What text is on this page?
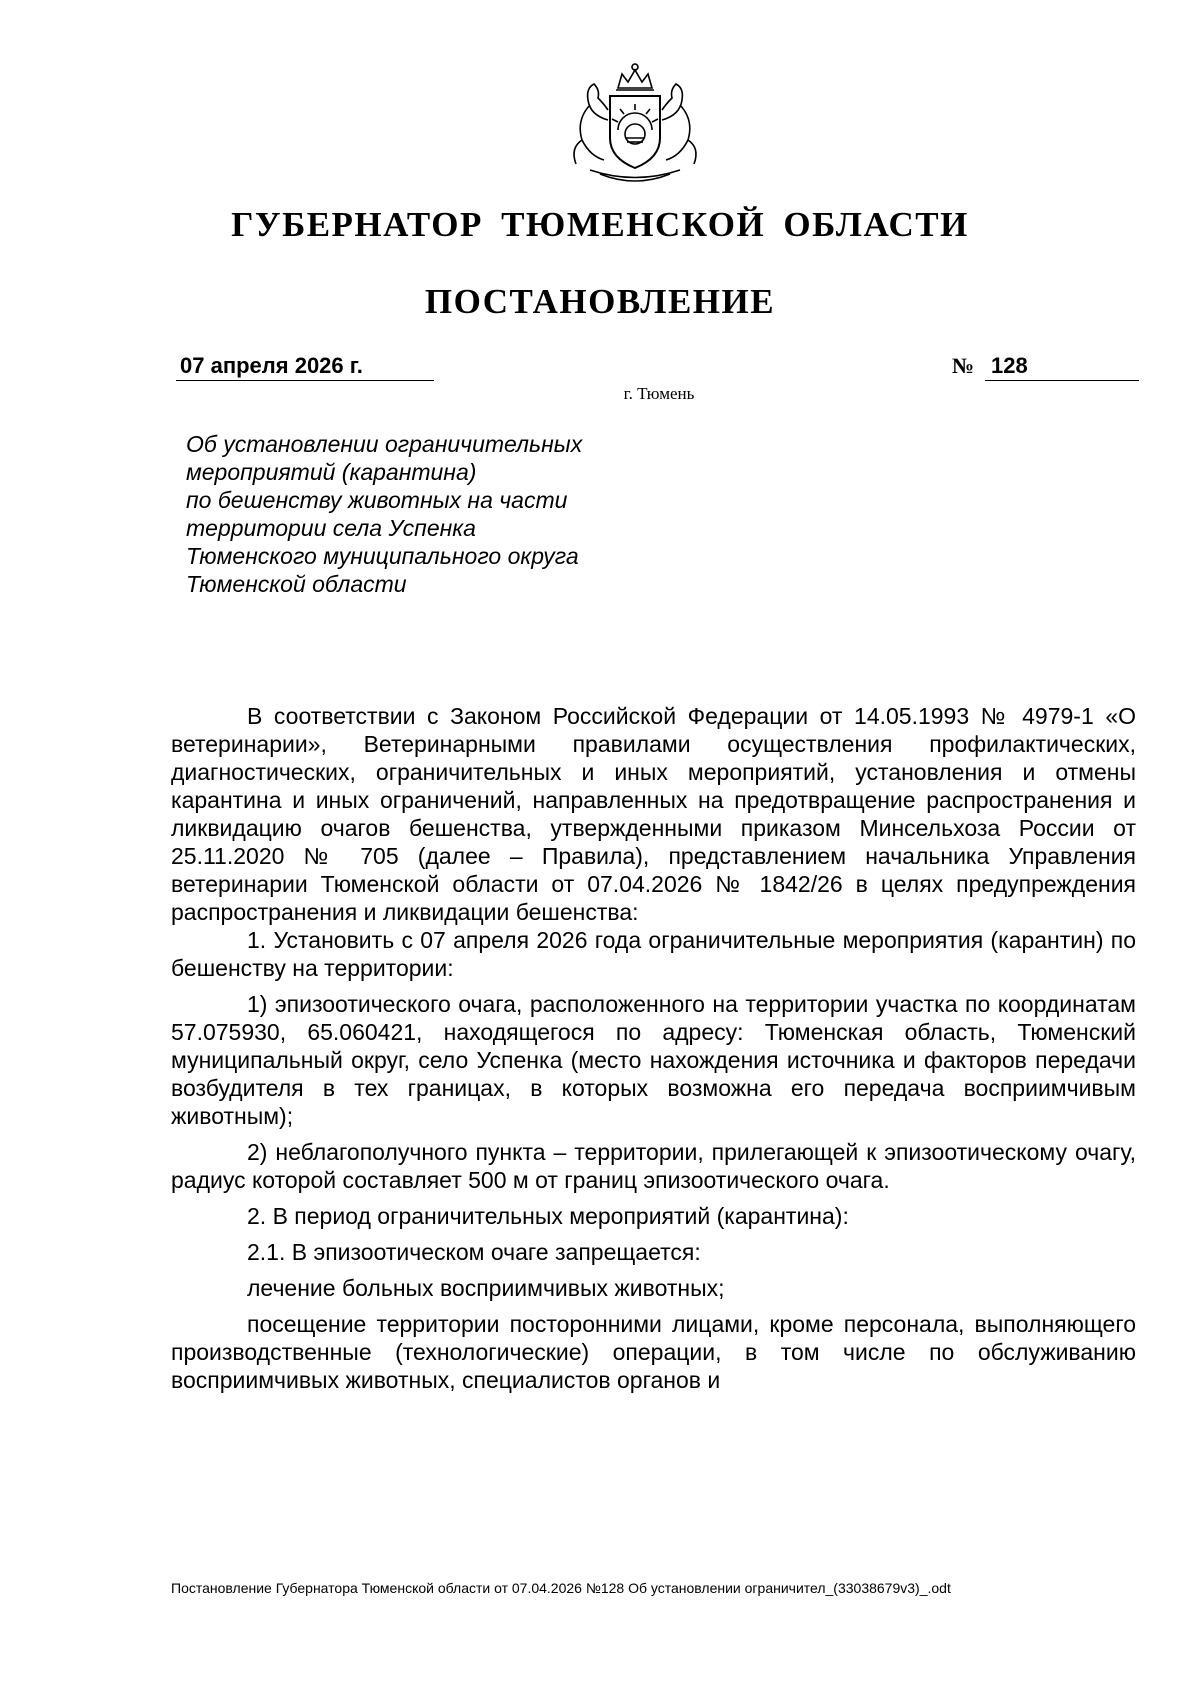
ГУБЕРНАТОР ТЮМЕНСКОЙ ОБЛАСТИ
ПОСТАНОВЛЕНИЕ
07 апреля 2026 г.	№ 128
г. Тюмень
Об установлении ограничительных
мероприятий (карантина)
по бешенству животных на части
территории села Успенка
Тюменского муниципального округа
Тюменской области

В соответствии с Законом Российской Федерации от 14.05.1993 № 4979-1 «О ветеринарии», Ветеринарными правилами осуществления профилактических, диагностических, ограничительных и иных мероприятий, установления и отмены карантина и иных ограничений, направленных на предотвращение распространения и ликвидацию очагов бешенства, утвержденными приказом Минсельхоза России от 25.11.2020 № 705 (далее – Правила), представлением начальника Управления ветеринарии Тюменской области от 07.04.2026 № 1842/26 в целях предупреждения распространения и ликвидации бешенства:

1. Установить с 07 апреля 2026 года ограничительные мероприятия (карантин) по бешенству на территории:

1) эпизоотического очага, расположенного на территории участка по координатам 57.075930, 65.060421, находящегося по адресу: Тюменская область, Тюменский муниципальный округ, село Успенка (место нахождения источника и факторов передачи возбудителя в тех границах, в которых возможна его передача восприимчивым животным);

2) неблагополучного пункта – территории, прилегающей к эпизоотическому очагу, радиус которой составляет 500 м от границ эпизоотического очага.

2. В период ограничительных мероприятий (карантина):

2.1. В эпизоотическом очаге запрещается:

лечение больных восприимчивых животных;

посещение территории посторонними лицами, кроме персонала, выполняющего производственные (технологические) операции, в том числе по обслуживанию восприимчивых животных, специалистов органов и

Постановление Губернатора Тюменской области от 07.04.2026 №128 Об установлении ограничител_(33038679v3)_.odt
